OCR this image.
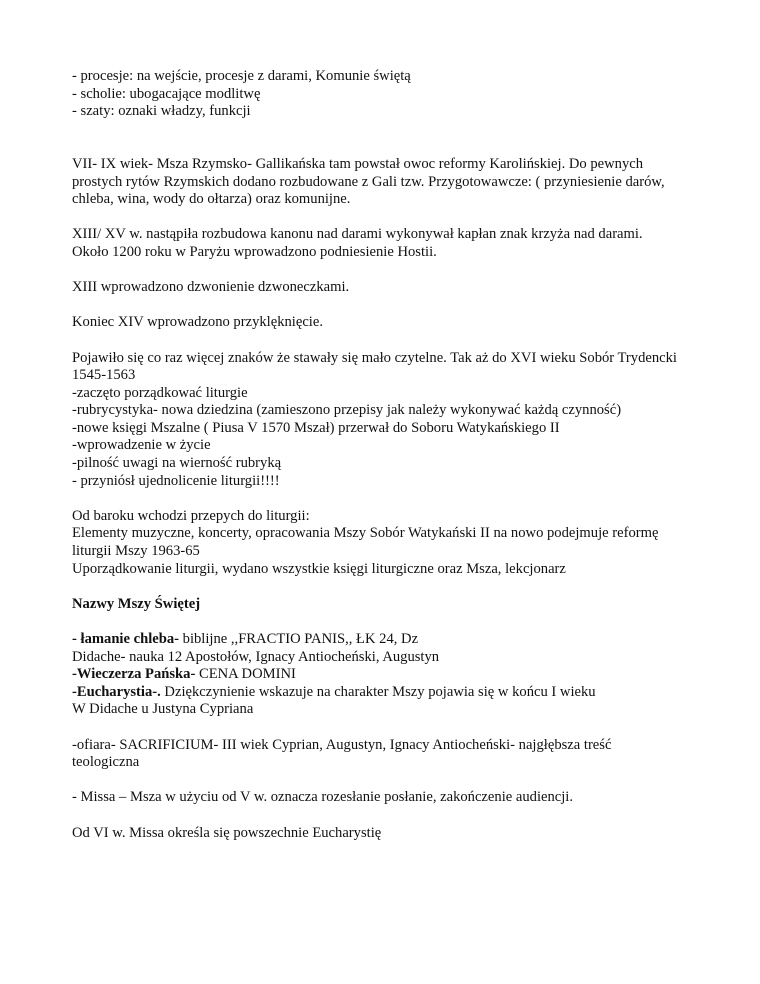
- procesje: na wejście, procesje z darami, Komunie świętą
- scholie: ubogacające modlitwę
- szaty: oznaki władzy, funkcji
VII- IX wiek- Msza Rzymsko- Gallikańska tam powstał owoc reformy Karolińskiej. Do pewnych
prostych rytów Rzymskich dodano rozbudowane z Gali tzw. Przygotowawcze: ( przyniesienie darów,
chleba, wina, wody do ołtarza) oraz komunijne.
XIII/ XV w. nastąpiła rozbudowa kanonu nad darami wykonywał kapłan znak krzyża nad darami.
Około 1200 roku w Paryżu wprowadzono podniesienie Hostii.
XIII wprowadzono dzwonienie dzwoneczkami.
Koniec XIV wprowadzono przyklęknięcie.
Pojawiło się co raz więcej znaków że stawały się mało czytelne. Tak aż do XVI wieku Sobór Trydencki
1545-1563
-zaczęto porządkować liturgie
-rubrycystyka- nowa dziedzina (zamieszono przepisy jak należy wykonywać każdą czynność)
-nowe księgi Mszalne ( Piusa V 1570 Mszał) przerwał do Soboru Watykańskiego II
-wprowadzenie w życie
-pilność uwagi na wierność rubryką
- przyniósł ujednolicenie liturgii!!!!
Od baroku wchodzi przepych do liturgii:
Elementy muzyczne, koncerty, opracowania Mszy Sobór Watykański II na nowo podejmuje reformę
liturgii Mszy 1963-65
Uporządkowanie liturgii, wydano wszystkie księgi liturgiczne oraz Msza, lekcjonarz
Nazwy Mszy Świętej
- łamanie chleba- biblijne ,,FRACTIO PANIS,, ŁK 24, Dz
Didache- nauka 12 Apostołów, Ignacy Antiocheński, Augustyn
-Wieczerza Pańska- CENA DOMINI
-Eucharystia-. Dziękczynienie wskazuje na charakter Mszy pojawia się w końcu I wieku
W Didache u Justyna Cypriana
-ofiara- SACRIFICIUM- III wiek Cyprian, Augustyn, Ignacy Antiocheński- najgłębsza treść
teologiczna
- Missa – Msza w użyciu od V w. oznacza rozesłanie posłanie, zakończenie audiencji.
Od VI w. Missa określa się powszechnie Eucharystię
